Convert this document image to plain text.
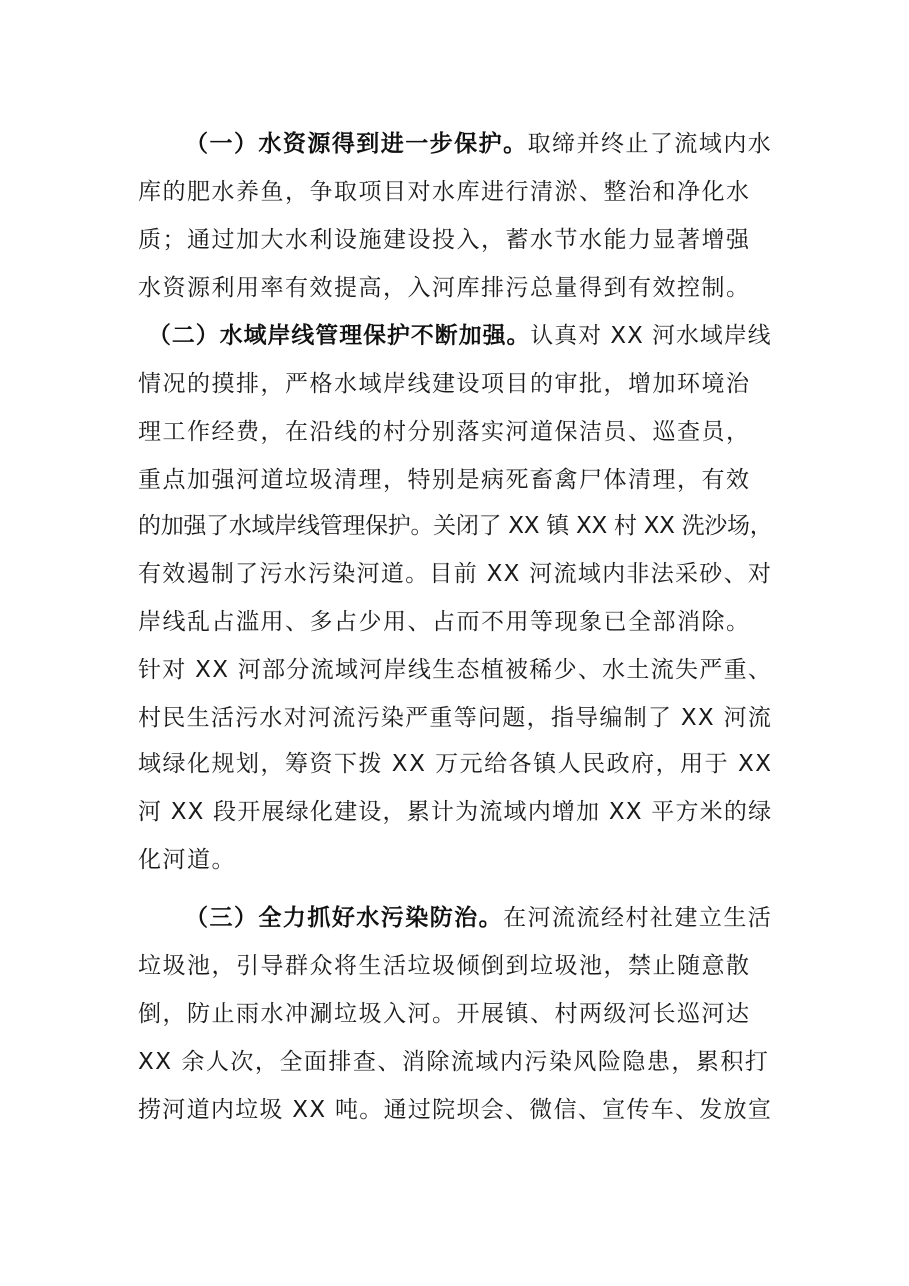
（一）水资源得到进一步保护。取缔并终止了流域内水

库的肥水养鱼，争取项目对水库进行清淤、整治和净化水

质；通过加大水利设施建设投入，蓄水节水能力显著增强

水资源利用率有效提高，入河库排污总量得到有效控制。

（二）水域岸线管理保护不断加强。认真对 XX 河水域岸线

情况的摸排，严格水域岸线建设项目的审批，增加环境治

理工作经费，在沿线的村分别落实河道保洁员、巡查员，

重点加强河道垃圾清理，特别是病死畜禽尸体清理，有效

的加强了水域岸线管理保护。关闭了 XX 镇 XX 村 XX 洗沙场，

有效遏制了污水污染河道。目前 XX 河流域内非法采砂、对

岸线乱占滥用、多占少用、占而不用等现象已全部消除。

针对 XX 河部分流域河岸线生态植被稀少、水土流失严重、

村民生活污水对河流污染严重等问题，指导编制了 XX 河流

域绿化规划，筹资下拨 XX 万元给各镇人民政府，用于 XX

河 XX 段开展绿化建设，累计为流域内增加 XX 平方米的绿

化河道。

（三）全力抓好水污染防治。在河流流经村社建立生活

垃圾池，引导群众将生活垃圾倾倒到垃圾池，禁止随意散

倒，防止雨水冲涮垃圾入河。开展镇、村两级河长巡河达

XX 余人次，全面排查、消除流域内污染风险隐患，累积打

捞河道内垃圾 XX 吨。通过院坝会、微信、宣传车、发放宣
